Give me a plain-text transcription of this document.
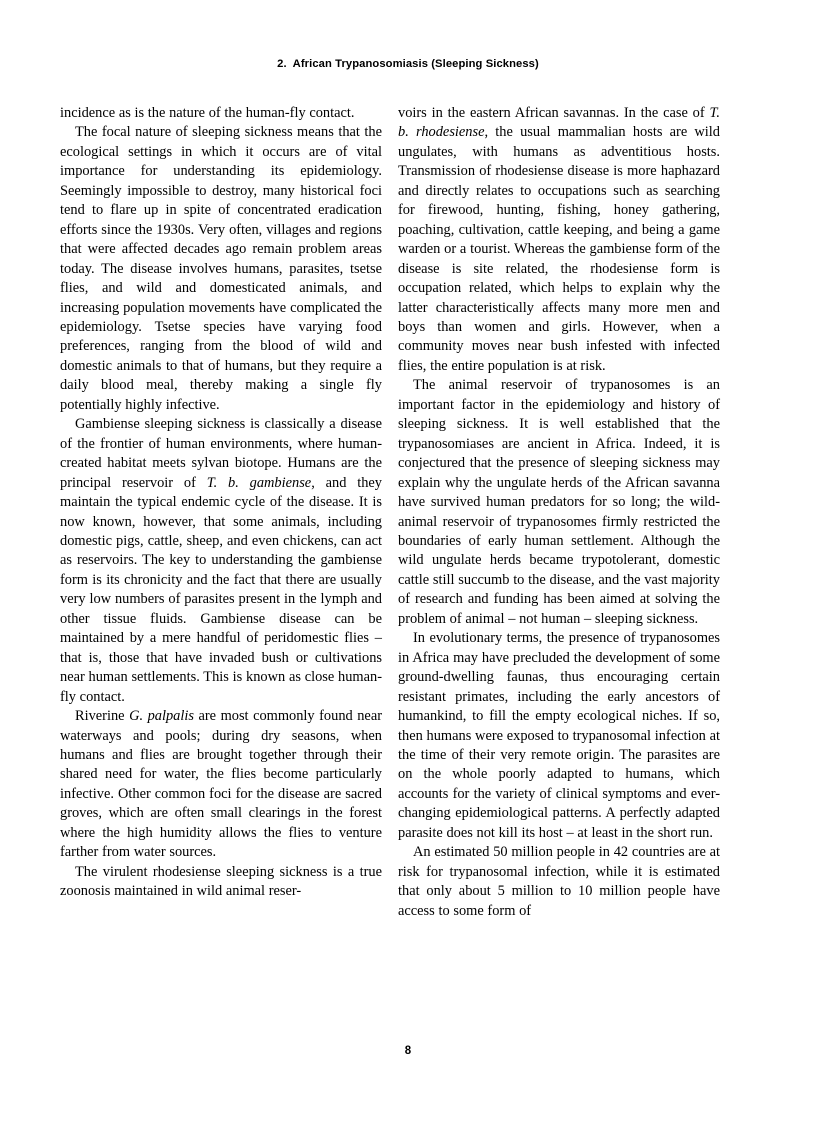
2.  African Trypanosomiasis (Sleeping Sickness)

incidence as is the nature of the human-fly contact.

The focal nature of sleeping sickness means that the ecological settings in which it occurs are of vital importance for understanding its epidemiology. Seemingly impossible to destroy, many historical foci tend to flare up in spite of concentrated eradication efforts since the 1930s. Very often, villages and regions that were affected decades ago remain problem areas today. The disease involves humans, parasites, tsetse flies, and wild and domesticated animals, and increasing population movements have complicated the epidemiology. Tsetse species have varying food preferences, ranging from the blood of wild and domestic animals to that of humans, but they require a daily blood meal, thereby making a single fly potentially highly infective.

Gambiense sleeping sickness is classically a disease of the frontier of human environments, where human-created habitat meets sylvan biotope. Humans are the principal reservoir of T. b. gambiense, and they maintain the typical endemic cycle of the disease. It is now known, however, that some animals, including domestic pigs, cattle, sheep, and even chickens, can act as reservoirs. The key to understanding the gambiense form is its chronicity and the fact that there are usually very low numbers of parasites present in the lymph and other tissue fluids. Gambiense disease can be maintained by a mere handful of peridomestic flies – that is, those that have invaded bush or cultivations near human settlements. This is known as close human-fly contact.

Riverine G. palpalis are most commonly found near waterways and pools; during dry seasons, when humans and flies are brought together through their shared need for water, the flies become particularly infective. Other common foci for the disease are sacred groves, which are often small clearings in the forest where the high humidity allows the flies to venture farther from water sources.

The virulent rhodesiense sleeping sickness is a true zoonosis maintained in wild animal reser-

voirs in the eastern African savannas. In the case of T. b. rhodesiense, the usual mammalian hosts are wild ungulates, with humans as adventitious hosts. Transmission of rhodesiense disease is more haphazard and directly relates to occupations such as searching for firewood, hunting, fishing, honey gathering, poaching, cultivation, cattle keeping, and being a game warden or a tourist. Whereas the gambiense form of the disease is site related, the rhodesiense form is occupation related, which helps to explain why the latter characteristically affects many more men and boys than women and girls. However, when a community moves near bush infested with infected flies, the entire population is at risk.

The animal reservoir of trypanosomes is an important factor in the epidemiology and history of sleeping sickness. It is well established that the trypanosomiases are ancient in Africa. Indeed, it is conjectured that the presence of sleeping sickness may explain why the ungulate herds of the African savanna have survived human predators for so long; the wild-animal reservoir of trypanosomes firmly restricted the boundaries of early human settlement. Although the wild ungulate herds became trypotolerant, domestic cattle still succumb to the disease, and the vast majority of research and funding has been aimed at solving the problem of animal – not human – sleeping sickness.

In evolutionary terms, the presence of trypanosomes in Africa may have precluded the development of some ground-dwelling faunas, thus encouraging certain resistant primates, including the early ancestors of humankind, to fill the empty ecological niches. If so, then humans were exposed to trypanosomal infection at the time of their very remote origin. The parasites are on the whole poorly adapted to humans, which accounts for the variety of clinical symptoms and ever-changing epidemiological patterns. A perfectly adapted parasite does not kill its host – at least in the short run.

An estimated 50 million people in 42 countries are at risk for trypanosomal infection, while it is estimated that only about 5 million to 10 million people have access to some form of

8
